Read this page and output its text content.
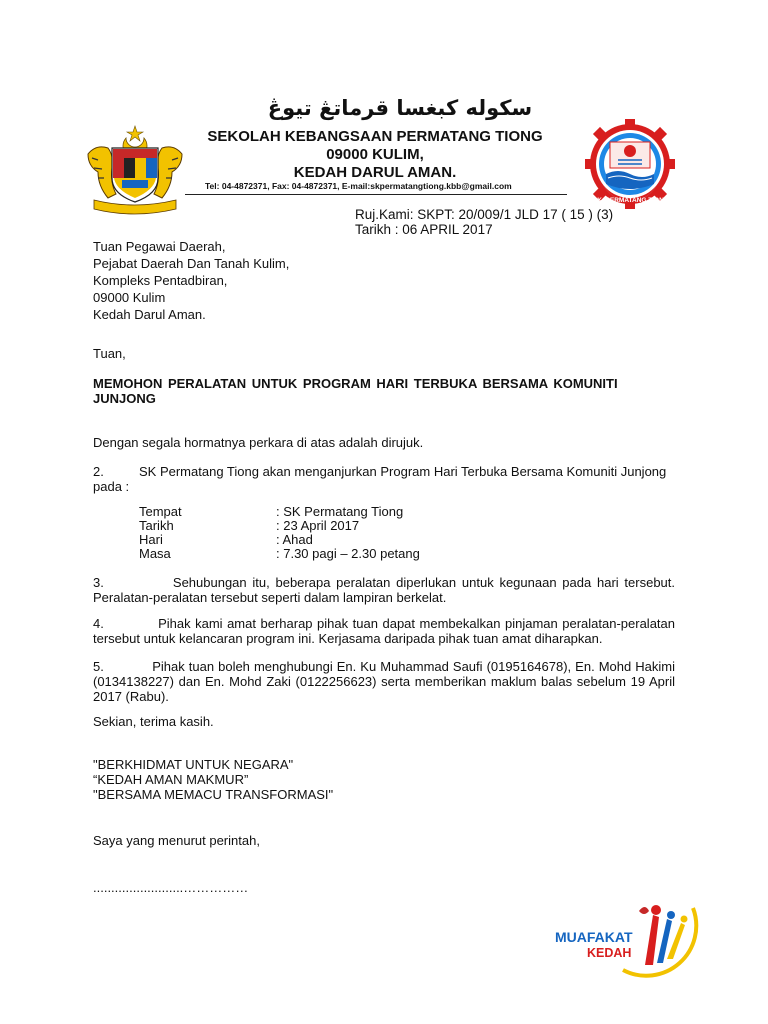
سكوله كبغسا قرماتڠ تيوڠ
SEKOLAH KEBANGSAAN PERMATANG TIONG
09000 KULIM,
KEDAH DARUL AMAN.
Tel: 04-4872371, Fax: 04-4872371, E-mail:skpermatangtiong.kbb@gmail.com
S.K. PERMATANG TIONG
Ruj.Kami: SKPT: 20/009/1 JLD 17 ( 15 ) (3)
Tarikh : 06 APRIL 2017
Tuan Pegawai Daerah,
Pejabat Daerah Dan Tanah Kulim,
Kompleks Pentadbiran,
09000 Kulim
Kedah Darul Aman.
Tuan,
MEMOHON PERALATAN UNTUK PROGRAM HARI TERBUKA BERSAMA KOMUNITI JUNJONG
Dengan segala hormatnya perkara di atas adalah dirujuk.
2.	SK Permatang Tiong akan menganjurkan Program Hari Terbuka Bersama Komuniti Junjong
pada :
Tempat	: SK Permatang Tiong
Tarikh	: 23 April 2017
Hari	: Ahad
Masa	: 7.30 pagi – 2.30 petang
3.            Sehubungan itu, beberapa peralatan diperlukan untuk kegunaan pada hari tersebut. Peralatan-peralatan tersebut seperti dalam lampiran berkelat.
4.            Pihak kami amat berharap pihak tuan dapat membekalkan pinjaman peralatan-peralatan tersebut untuk kelancaran program ini. Kerjasama daripada pihak tuan amat diharapkan.
5.            Pihak tuan boleh menghubungi En. Ku Muhammad Saufi (0195164678), En. Mohd Hakimi (0134138227) dan En. Mohd Zaki (0122256623) serta memberikan maklum balas sebelum 19 April 2017 (Rabu).
Sekian, terima kasih.
"BERKHIDMAT UNTUK NEGARA"
“KEDAH AMAN MAKMUR”
"BERSAMA MEMACU TRANSFORMASI"
Saya yang menurut perintah,
.........................……………
MUAFAKAT
KEDAH
